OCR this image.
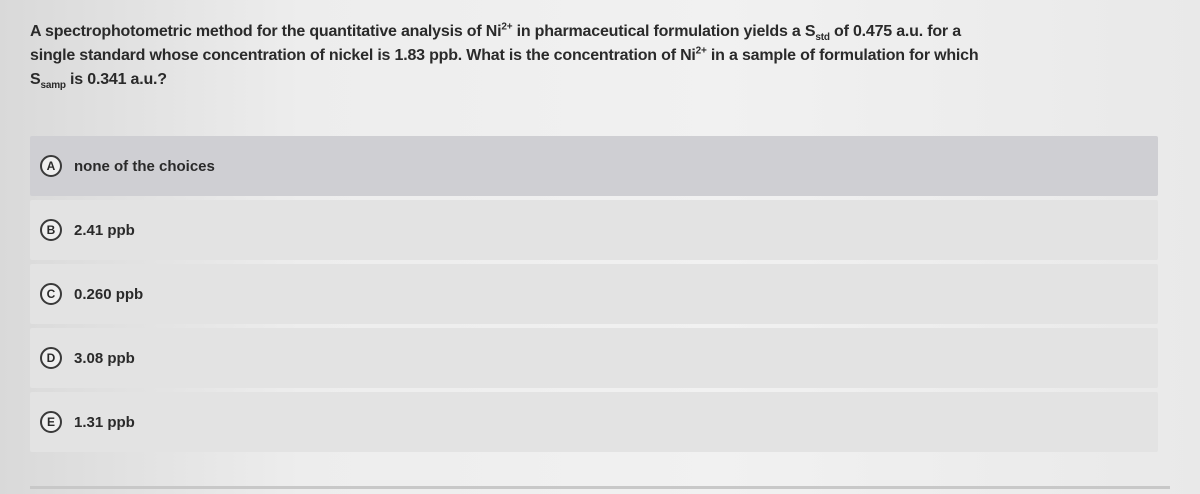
A spectrophotometric method for the quantitative analysis of $Ni^{2+}$ in pharmaceutical formulation yields a $S_{std}$ of 0.475 a.u. for a
single standard whose concentration of nickel is 1.83 ppb. What is the concentration of $Ni^{2+}$ in a sample of formulation for which
$S_{samp}$ is 0.341 a.u.?
A	none of the choices
B	2.41 ppb
C	0.260 ppb
D	3.08 ppb
E	1.31 ppb
